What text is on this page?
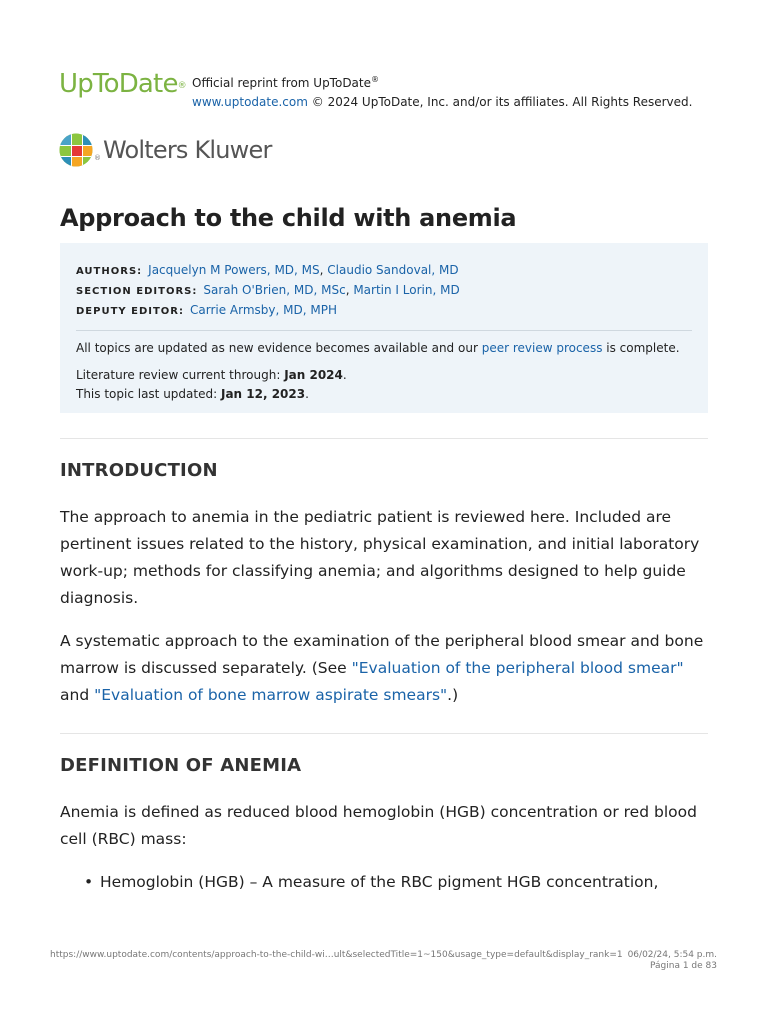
UpToDate® Official reprint from UpToDate®
www.uptodate.com © 2024 UpToDate, Inc. and/or its affiliates. All Rights Reserved.
® Wolters Kluwer
Approach to the child with anemia
AUTHORS: Jacquelyn M Powers, MD, MS, Claudio Sandoval, MD
SECTION EDITORS: Sarah O'Brien, MD, MSc, Martin I Lorin, MD
DEPUTY EDITOR: Carrie Armsby, MD, MPH
All topics are updated as new evidence becomes available and our peer review process is complete.
Literature review current through: Jan 2024.
This topic last updated: Jan 12, 2023.
INTRODUCTION

The approach to anemia in the pediatric patient is reviewed here. Included are pertinent issues related to the history, physical examination, and initial laboratory work-up; methods for classifying anemia; and algorithms designed to help guide diagnosis.

A systematic approach to the examination of the peripheral blood smear and bone marrow is discussed separately. (See "Evaluation of the peripheral blood smear" and "Evaluation of bone marrow aspirate smears".)

DEFINITION OF ANEMIA

Anemia is defined as reduced blood hemoglobin (HGB) concentration or red blood cell (RBC) mass:

• Hemoglobin (HGB) – A measure of the RBC pigment HGB concentration,
https://www.uptodate.com/contents/approach-to-the-child-wi…ult&selectedTitle=1~150&usage_type=default&display_rank=1 06/02/24, 5:54 p.m.
Página 1 de 83
